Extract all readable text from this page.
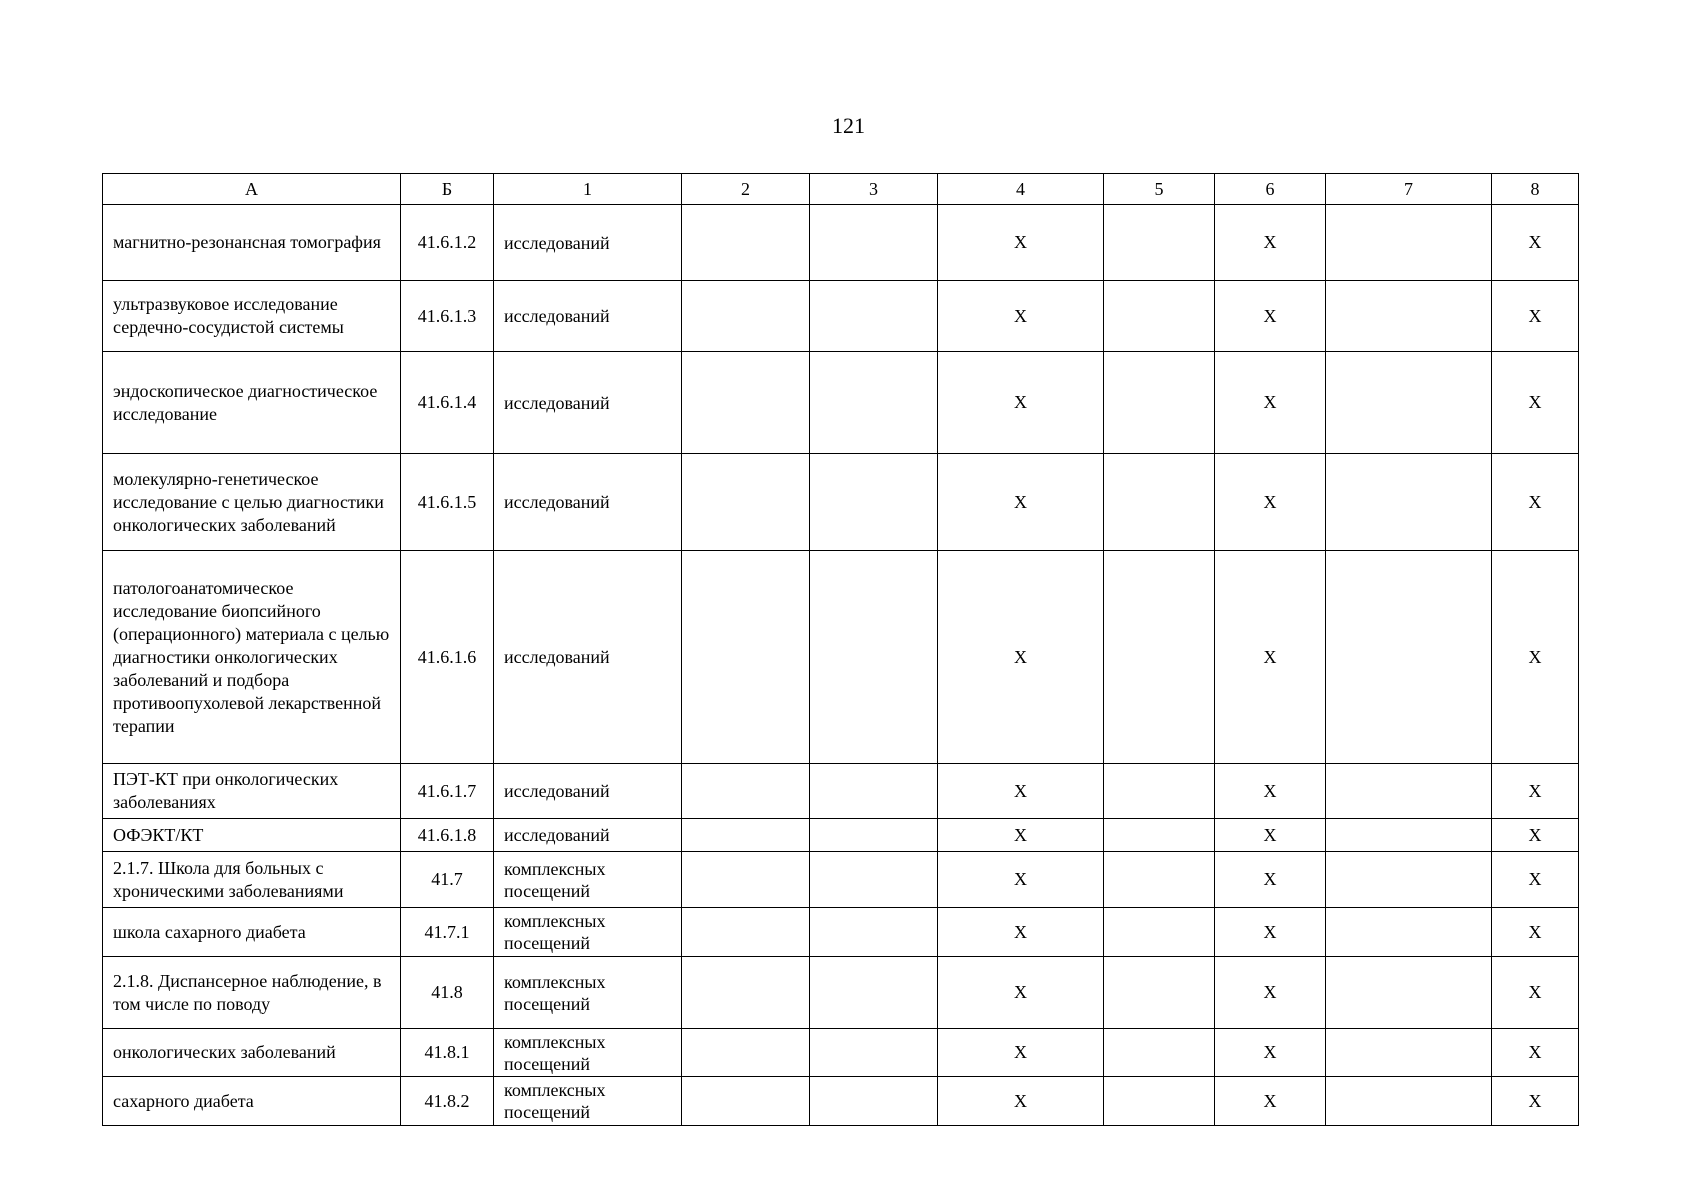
121
А	Б	1	2	3	4	5	6	7	8
магнитно-резонансная томография	41.6.1.2	исследований			X		X		X
ультразвуковое исследование сердечно-сосудистой системы	41.6.1.3	исследований			X		X		X
эндоскопическое диагностическое исследование	41.6.1.4	исследований			X		X		X
молекулярно-генетическое исследование с целью диагностики онкологических заболеваний	41.6.1.5	исследований			X		X		X
патологоанатомическое исследование биопсийного (операционного) материала с целью диагностики онкологических заболеваний и подбора противоопухолевой лекарственной терапии	41.6.1.6	исследований			X		X		X
ПЭТ-КТ при онкологических заболеваниях	41.6.1.7	исследований			X		X		X
ОФЭКТ/КТ	41.6.1.8	исследований			X		X		X
2.1.7. Школа для больных с хроническими заболеваниями	41.7	комплексных посещений			X		X		X
школа сахарного диабета	41.7.1	комплексных посещений			X		X		X
2.1.8. Диспансерное наблюдение, в том числе по поводу	41.8	комплексных посещений			X		X		X
онкологических заболеваний	41.8.1	комплексных посещений			X		X		X
сахарного диабета	41.8.2	комплексных посещений			X		X		X
